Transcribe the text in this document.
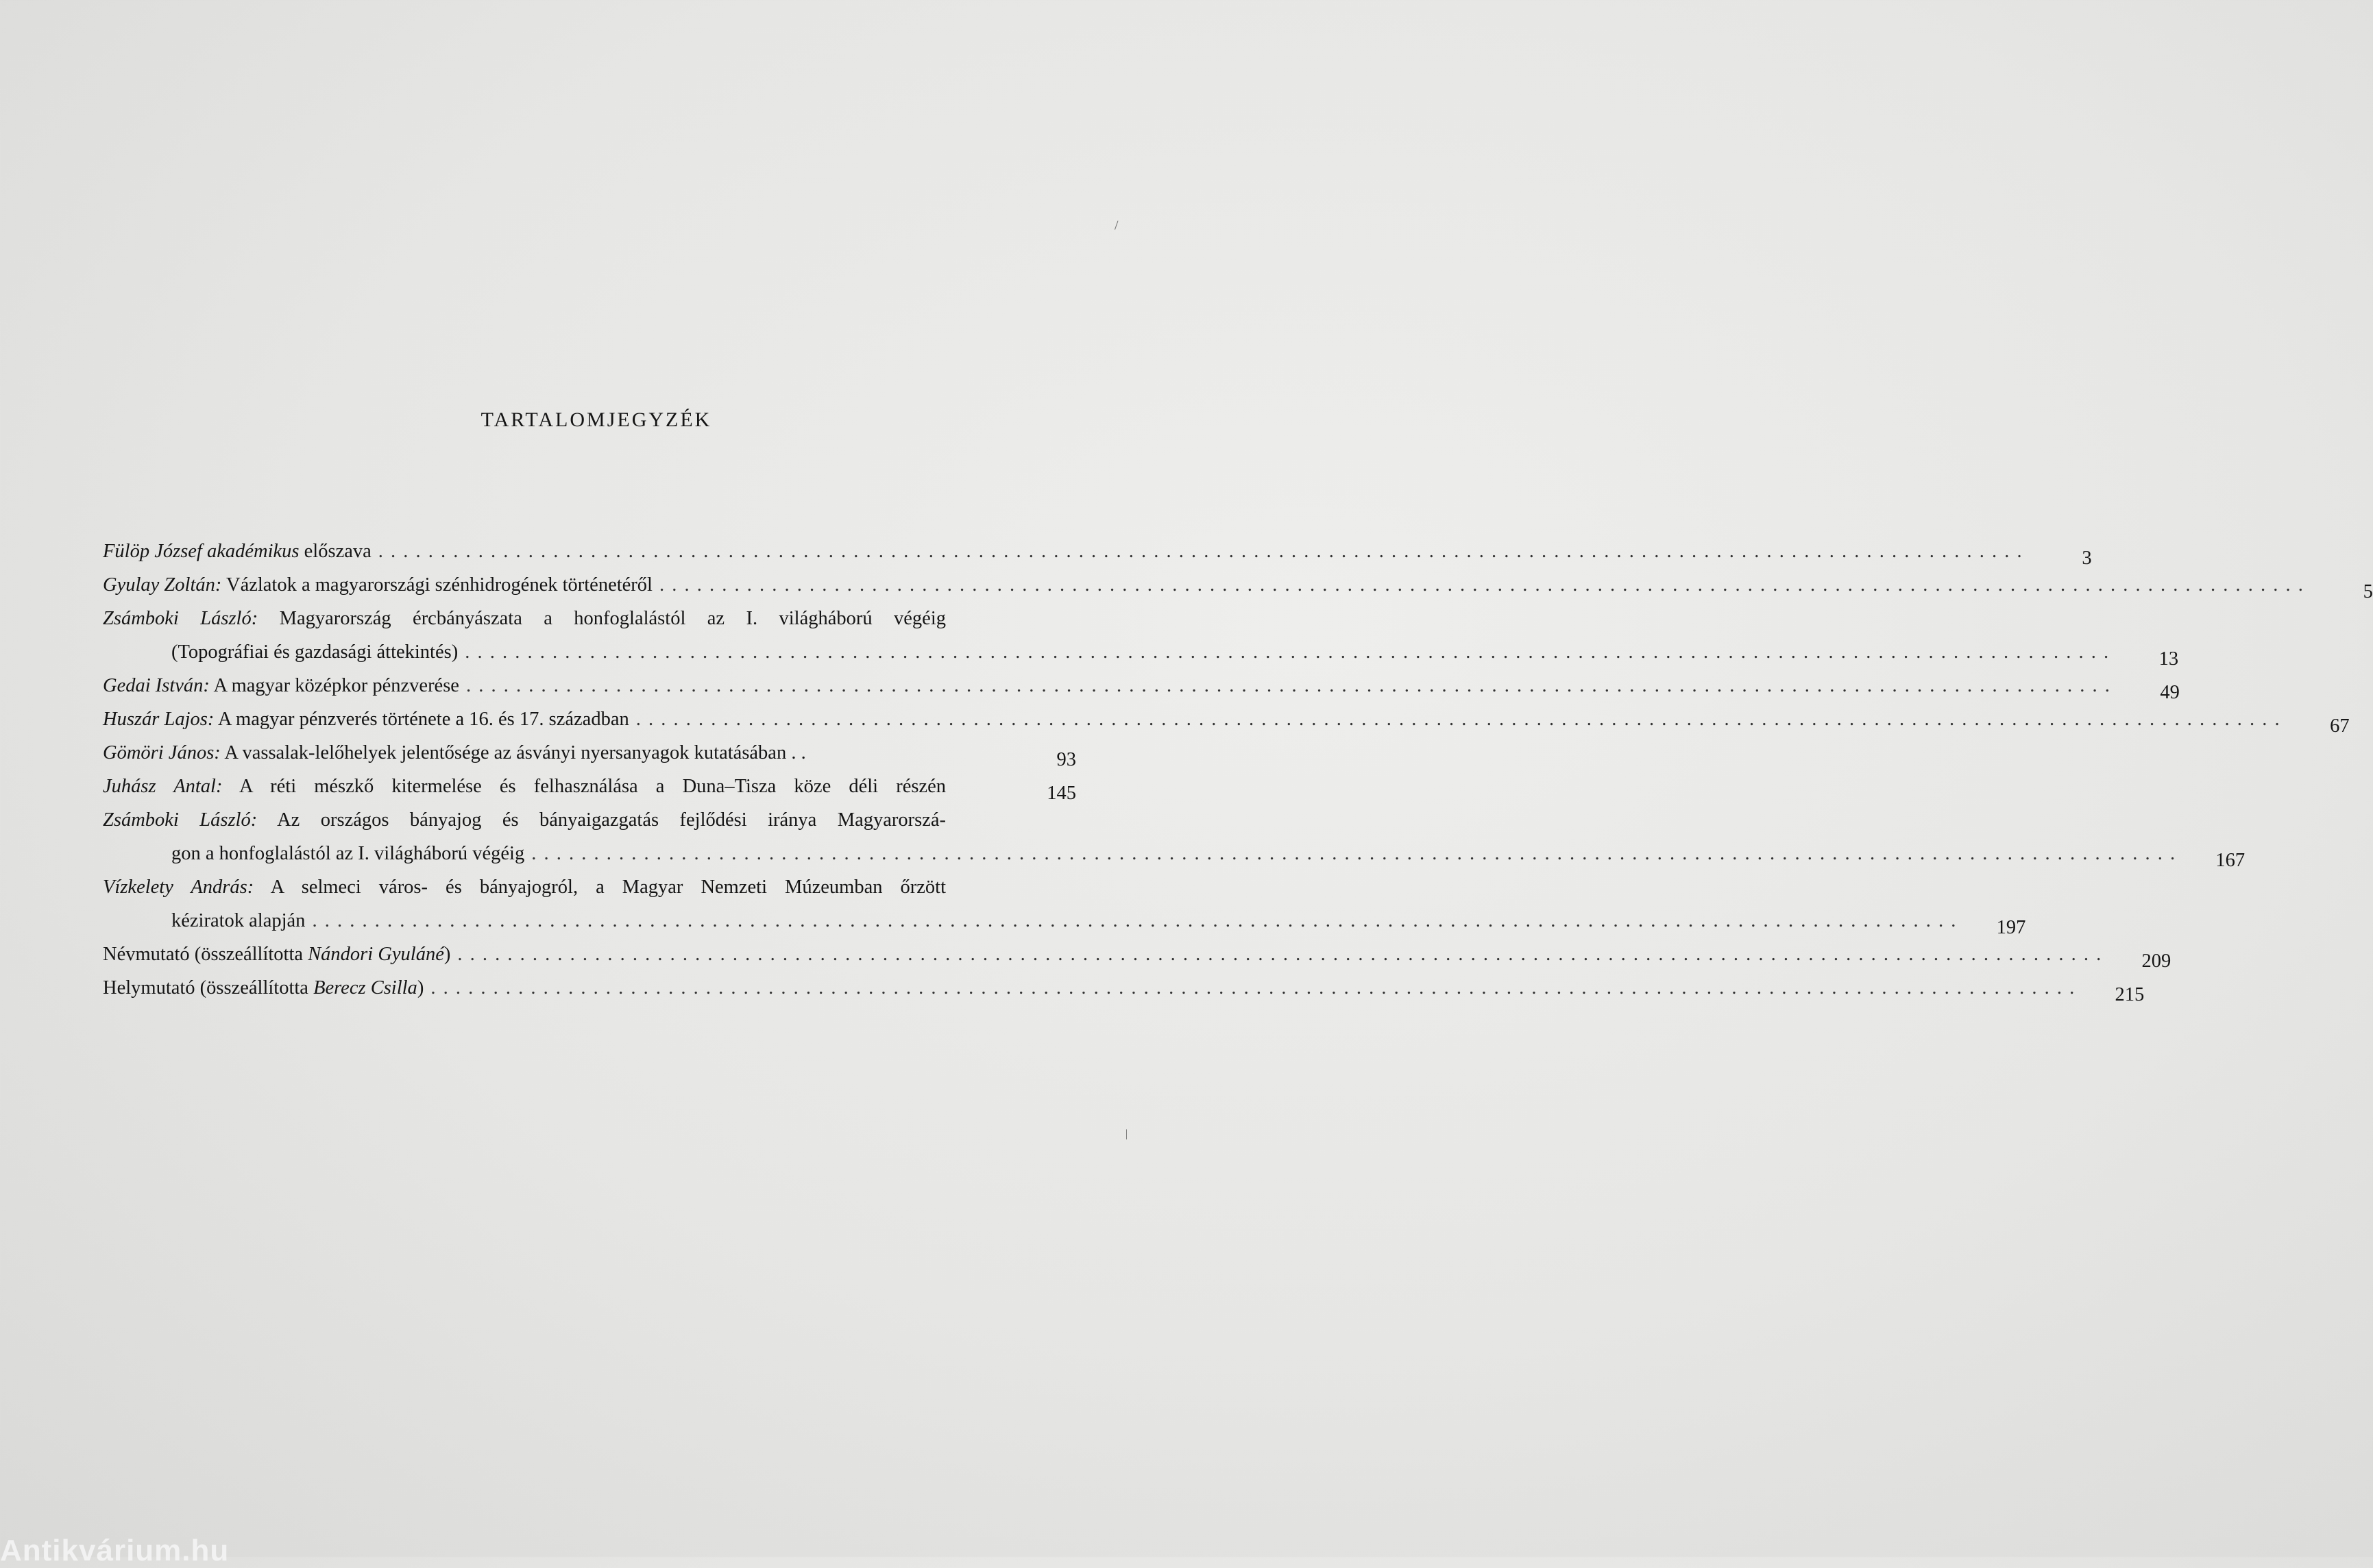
TARTALOMJEGYZÉK
Fülöp József akadémikus előszava . . .	3
Gyulay Zoltán: Vázlatok a magyarországi szénhidrogének történetéről . . .	5
Zsámboki László: Magyarország ércbányászata a honfoglalástól az I. világháború végéig
(Topográfiai és gazdasági áttekintés) . . .	13
Gedai István: A magyar középkor pénzverése . . .	49
Huszár Lajos: A magyar pénzverés története a 16. és 17. században . . .	67
Gömöri János: A vassalak-lelőhelyek jelentősége az ásványi nyersanyagok kutatásában . .	93
Juhász Antal: A réti mészkő kitermelése és felhasználása a Duna–Tisza köze déli részén	145
Zsámboki László: Az országos bányajog és bányaigazgatás fejlődési iránya Magyarorszá-
gon a honfoglalástól az I. világháború végéig . . .	167
Vízkelety András: A selmeci város- és bányajogról, a Magyar Nemzeti Múzeumban őrzött
kéziratok alapján . . .	197
Névmutató (összeállította Nándori Gyuláné) . . .	209
Helymutató (összeállította Berecz Csilla) . . .	215
/
|
Antikvárium.hu
